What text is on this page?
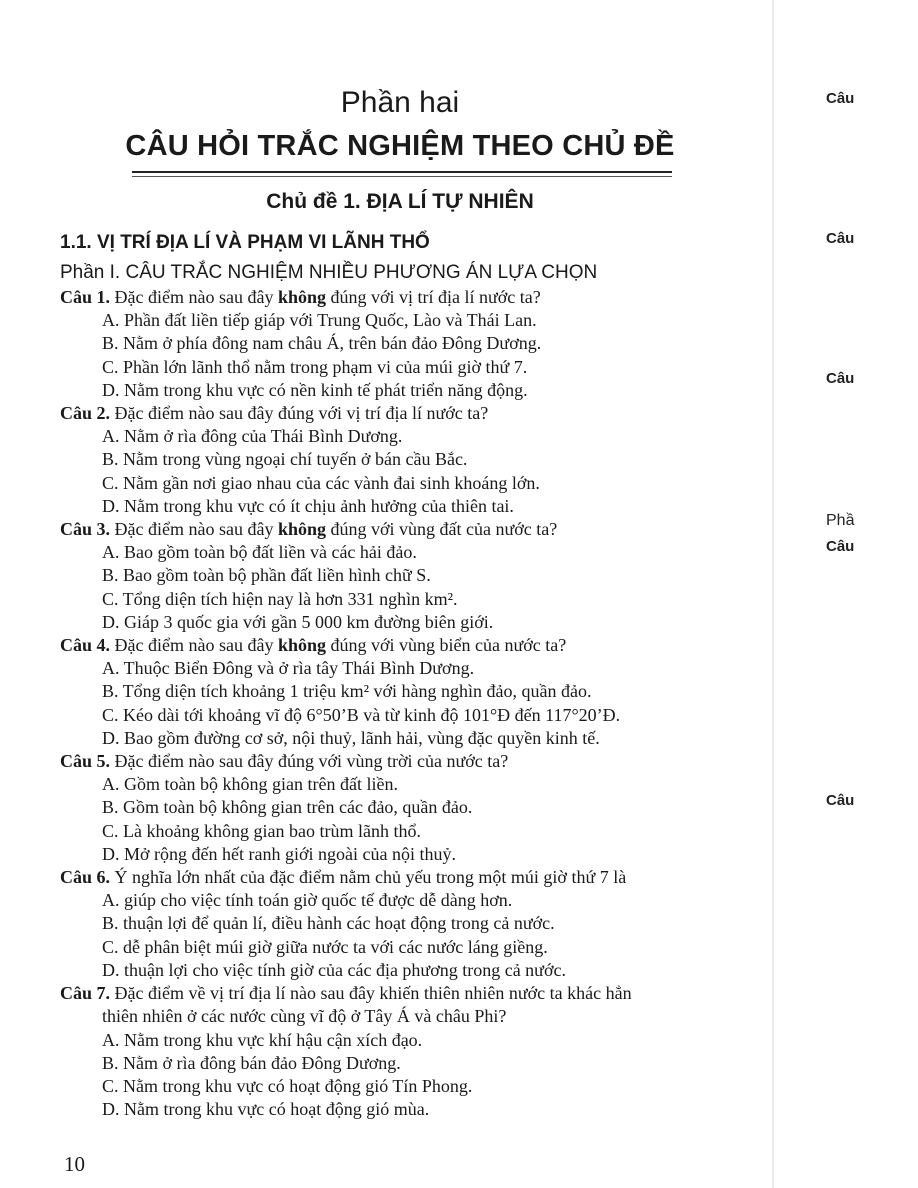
Phần hai
CÂU HỎI TRẮC NGHIỆM THEO CHỦ ĐỀ
Chủ đề 1. ĐỊA LÍ TỰ NHIÊN
1.1. VỊ TRÍ ĐỊA LÍ VÀ PHẠM VI LÃNH THỔ
Phần I. CÂU TRẮC NGHIỆM NHIỀU PHƯƠNG ÁN LỰA CHỌN
Câu 1. Đặc điểm nào sau đây không đúng với vị trí địa lí nước ta?
A. Phần đất liền tiếp giáp với Trung Quốc, Lào và Thái Lan.
B. Nằm ở phía đông nam châu Á, trên bán đảo Đông Dương.
C. Phần lớn lãnh thổ nằm trong phạm vi của múi giờ thứ 7.
D. Nằm trong khu vực có nền kinh tế phát triển năng động.
Câu 2. Đặc điểm nào sau đây đúng với vị trí địa lí nước ta?
A. Nằm ở rìa đông của Thái Bình Dương.
B. Nằm trong vùng ngoại chí tuyến ở bán cầu Bắc.
C. Nằm gần nơi giao nhau của các vành đai sinh khoáng lớn.
D. Nằm trong khu vực có ít chịu ảnh hưởng của thiên tai.
Câu 3. Đặc điểm nào sau đây không đúng với vùng đất của nước ta?
A. Bao gồm toàn bộ đất liền và các hải đảo.
B. Bao gồm toàn bộ phần đất liền hình chữ S.
C. Tổng diện tích hiện nay là hơn 331 nghìn km².
D. Giáp 3 quốc gia với gần 5 000 km đường biên giới.
Câu 4. Đặc điểm nào sau đây không đúng với vùng biển của nước ta?
A. Thuộc Biển Đông và ở rìa tây Thái Bình Dương.
B. Tổng diện tích khoảng 1 triệu km² với hàng nghìn đảo, quần đảo.
C. Kéo dài tới khoảng vĩ độ 6°50’B và từ kinh độ 101°Đ đến 117°20’Đ.
D. Bao gồm đường cơ sở, nội thuỷ, lãnh hải, vùng đặc quyền kinh tế.
Câu 5. Đặc điểm nào sau đây đúng với vùng trời của nước ta?
A. Gồm toàn bộ không gian trên đất liền.
B. Gồm toàn bộ không gian trên các đảo, quần đảo.
C. Là khoảng không gian bao trùm lãnh thổ.
D. Mở rộng đến hết ranh giới ngoài của nội thuỷ.
Câu 6. Ý nghĩa lớn nhất của đặc điểm nằm chủ yếu trong một múi giờ thứ 7 là
A. giúp cho việc tính toán giờ quốc tế được dễ dàng hơn.
B. thuận lợi để quản lí, điều hành các hoạt động trong cả nước.
C. dễ phân biệt múi giờ giữa nước ta với các nước láng giềng.
D. thuận lợi cho việc tính giờ của các địa phương trong cả nước.
Câu 7. Đặc điểm về vị trí địa lí nào sau đây khiến thiên nhiên nước ta khác hẳn
thiên nhiên ở các nước cùng vĩ độ ở Tây Á và châu Phi?
A. Nằm trong khu vực khí hậu cận xích đạo.
B. Nằm ở rìa đông bán đảo Đông Dương.
C. Nằm trong khu vực có hoạt động gió Tín Phong.
D. Nằm trong khu vực có hoạt động gió mùa.
10
Câu
Câu
Câu
Phầ
Câu
Câu
